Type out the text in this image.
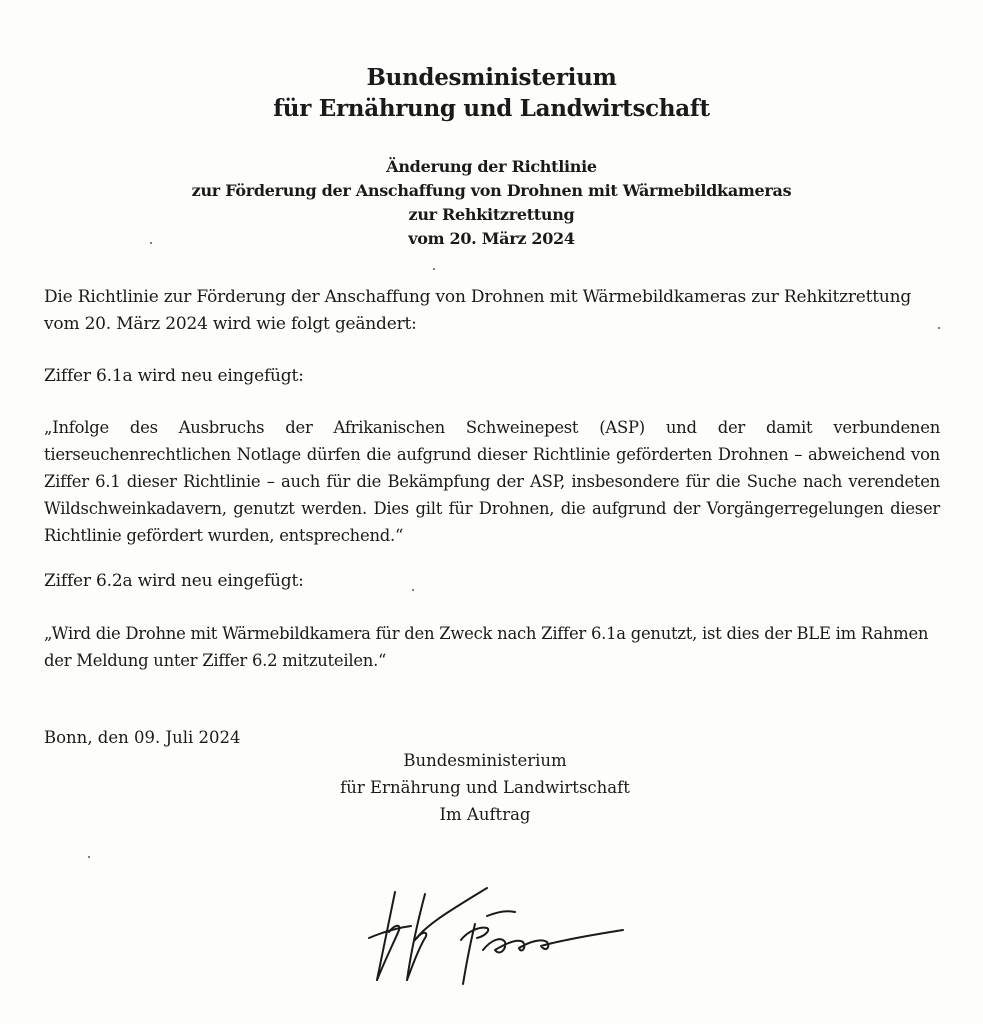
Bundesministerium
für Ernährung und Landwirtschaft
Änderung der Richtlinie
zur Förderung der Anschaffung von Drohnen mit Wärmebildkameras
zur Rehkitzrettung
vom 20. März 2024
Die Richtlinie zur Förderung der Anschaffung von Drohnen mit Wärmebildkameras zur Rehkitzrettung vom 20. März 2024 wird wie folgt geändert:
Ziffer 6.1a wird neu eingefügt:
„Infolge des Ausbruchs der Afrikanischen Schweinepest (ASP) und der damit verbundenen tierseuchenrechtlichen Notlage dürfen die aufgrund dieser Richtlinie geförderten Drohnen – abweichend von Ziffer 6.1 dieser Richtlinie – auch für die Bekämpfung der ASP, insbesondere für die Suche nach verendeten Wildschweinkadavern, genutzt werden. Dies gilt für Drohnen, die aufgrund der Vorgängerregelungen dieser Richtlinie gefördert wurden, entsprechend.“
Ziffer 6.2a wird neu eingefügt:
„Wird die Drohne mit Wärmebildkamera für den Zweck nach Ziffer 6.1a genutzt, ist dies der BLE im Rahmen der Meldung unter Ziffer 6.2 mitzuteilen.“
Bonn, den 09. Juli 2024
Bundesministerium
für Ernährung und Landwirtschaft
Im Auftrag
